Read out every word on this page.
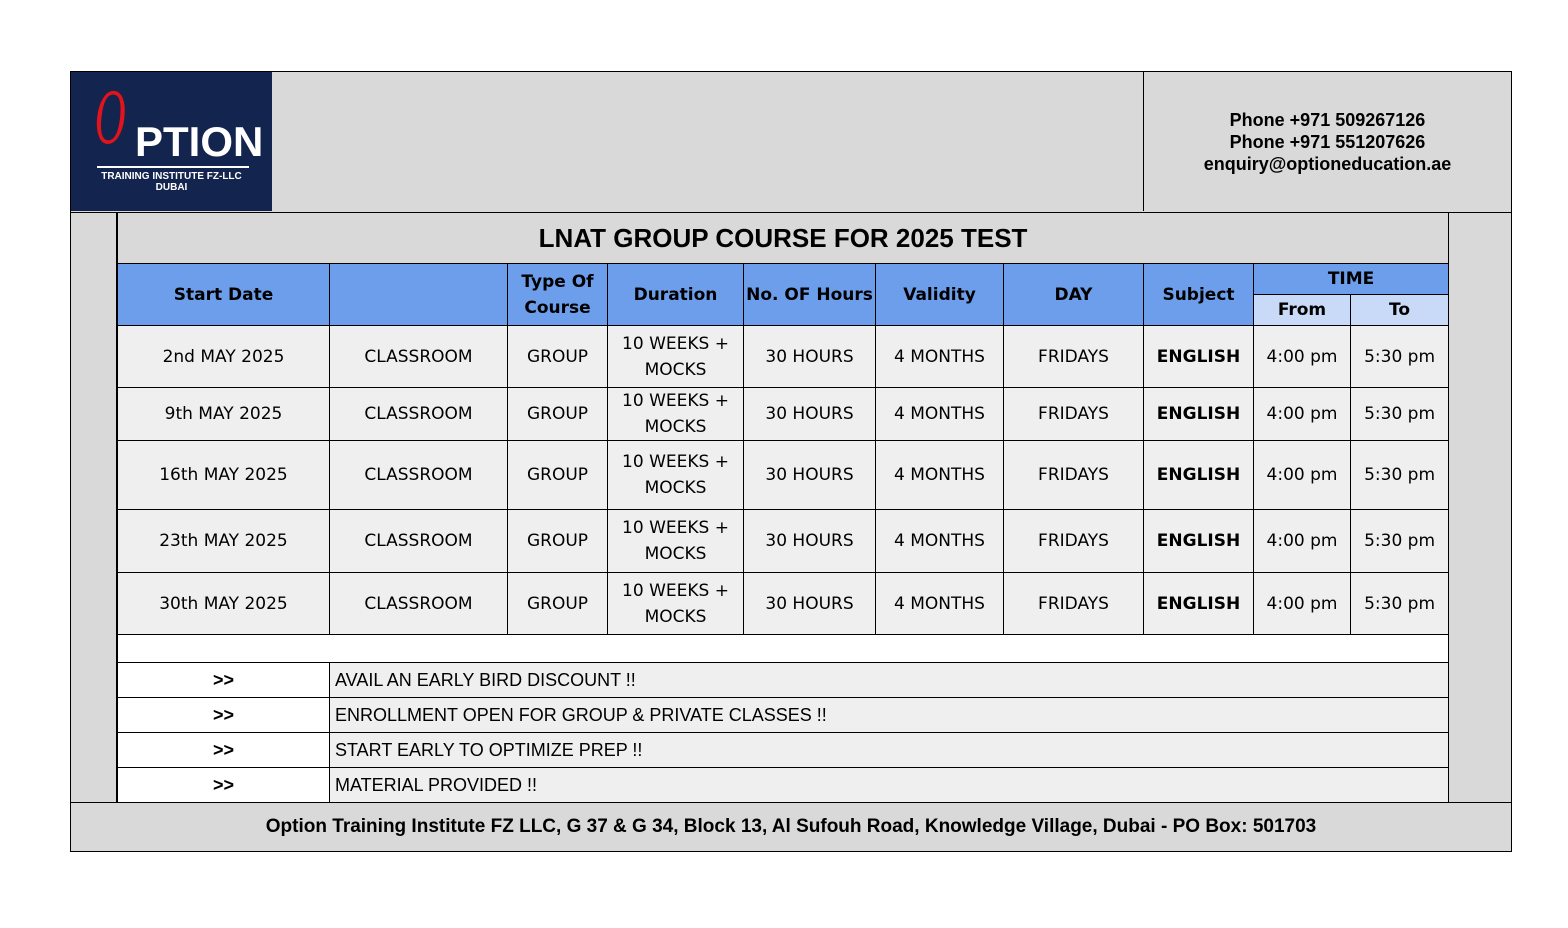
O PTION
TRAINING INSTITUTE FZ-LLC
DUBAI
Phone +971 509267126
Phone +971 551207626
enquiry@optioneducation.ae
LNAT GROUP COURSE FOR 2025 TEST									
Start Date		Type Of Course	Duration	No. OF Hours	Validity	DAY	Subject	TIME	
								From	To
2nd MAY 2025	CLASSROOM	GROUP	10 WEEKS + MOCKS	30 HOURS	4 MONTHS	FRIDAYS	ENGLISH	4:00 pm	5:30 pm
9th MAY 2025	CLASSROOM	GROUP	10 WEEKS + MOCKS	30 HOURS	4 MONTHS	FRIDAYS	ENGLISH	4:00 pm	5:30 pm
16th MAY 2025	CLASSROOM	GROUP	10 WEEKS + MOCKS	30 HOURS	4 MONTHS	FRIDAYS	ENGLISH	4:00 pm	5:30 pm
23th MAY 2025	CLASSROOM	GROUP	10 WEEKS + MOCKS	30 HOURS	4 MONTHS	FRIDAYS	ENGLISH	4:00 pm	5:30 pm
30th MAY 2025	CLASSROOM	GROUP	10 WEEKS + MOCKS	30 HOURS	4 MONTHS	FRIDAYS	ENGLISH	4:00 pm	5:30 pm

>>	AVAIL AN EARLY BIRD DISCOUNT !!								
>>	ENROLLMENT OPEN FOR GROUP & PRIVATE CLASSES !!								
>>	START EARLY TO OPTIMIZE PREP !!								
>>	MATERIAL PROVIDED !!								
Option Training Institute FZ LLC, G 37 & G 34, Block 13, Al Sufouh Road, Knowledge Village, Dubai - PO Box: 501703
